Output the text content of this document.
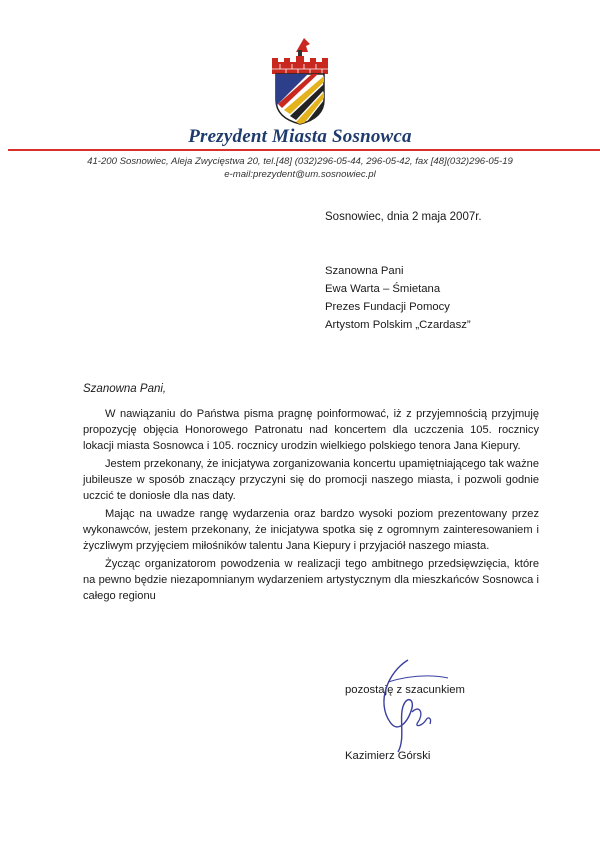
Prezydent Miasta Sosnowca
41-200 Sosnowiec, Aleja Zwycięstwa 20, tel.[48] (032)296-05-44, 296-05-42, fax [48](032)296-05-19
e-mail:prezydent@um.sosnowiec.pl
Sosnowiec, dnia 2 maja 2007r.
Szanowna Pani
Ewa Warta – Śmietana
Prezes Fundacji Pomocy
Artystom Polskim „Czardasz”
Szanowna Pani,

W nawiązaniu do Państwa pisma pragnę poinformować, iż z przyjemnością przyjmuję propozycję objęcia Honorowego Patronatu nad koncertem dla uczczenia 105. rocznicy lokacji miasta Sosnowca i 105. rocznicy urodzin wielkiego polskiego tenora Jana Kiepury.

Jestem przekonany, że inicjatywa zorganizowania koncertu upamiętniającego tak ważne jubileusze w sposób znaczący przyczyni się do promocji naszego miasta, i pozwoli godnie uczcić te doniosłe dla nas daty.

Mając na uwadze rangę wydarzenia oraz bardzo wysoki poziom prezentowany przez wykonawców, jestem przekonany, że inicjatywa spotka się z ogromnym zainteresowaniem i życzliwym przyjęciem miłośników talentu Jana Kiepury i przyjaciół naszego miasta.

Życząc organizatorom powodzenia w realizacji tego ambitnego przedsięwzięcia, które na pewno będzie niezapomnianym wydarzeniem artystycznym dla mieszkańców Sosnowca i całego regionu

pozostaję z szacunkiem
Kazimierz Górski
